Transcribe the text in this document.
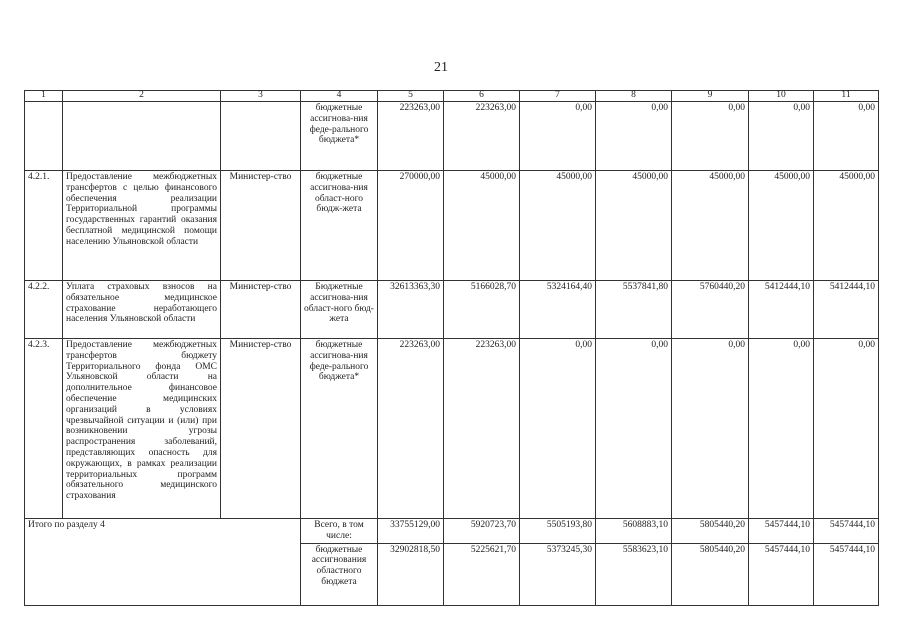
21
1	2	3	4	5	6	7	8	9	10	11
			бюджетные ассигнова-ния феде-рального бюджета*	223263,00	223263,00	0,00	0,00	0,00	0,00	0,00
4.2.1.	Предоставление межбюджетных трансфертов с целью финансового обеспечения реализации Территориальной программы государственных гарантий оказания бесплатной медицинской помощи населению Ульяновской области	Министер-ство	бюджетные ассигнова-ния област-ного бюдж-жета	270000,00	45000,00	45000,00	45000,00	45000,00	45000,00	45000,00
4.2.2.	Уплата страховых взносов на обязательное медицинское страхование неработающего населения Ульяновской области	Министер-ство	Бюджетные ассигнова-ния област-ного бюд-жета	32613363,30	5166028,70	5324164,40	5537841,80	5760440,20	5412444,10	5412444,10
4.2.3.	Предоставление межбюджетных трансфертов бюджету Территориального фонда ОМС Ульяновской области на дополнительное финансовое обеспечение медицинских организаций в условиях чрезвычайной ситуации и (или) при возникновении угрозы распространения заболеваний, представляющих опасность для окружающих, в рамках реализации территориальных программ обязательного медицинского страхования	Министер-ство	бюджетные ассигнова-ния феде-рального бюджета*	223263,00	223263,00	0,00	0,00	0,00	0,00	0,00
Итого по разделу 4			Всего, в том числе:	33755129,00	5920723,70	5505193,80	5608883,10	5805440,20	5457444,10	5457444,10
			бюджетные ассигнования областного бюджета	32902818,50	5225621,70	5373245,30	5583623,10	5805440,20	5457444,10	5457444,10
